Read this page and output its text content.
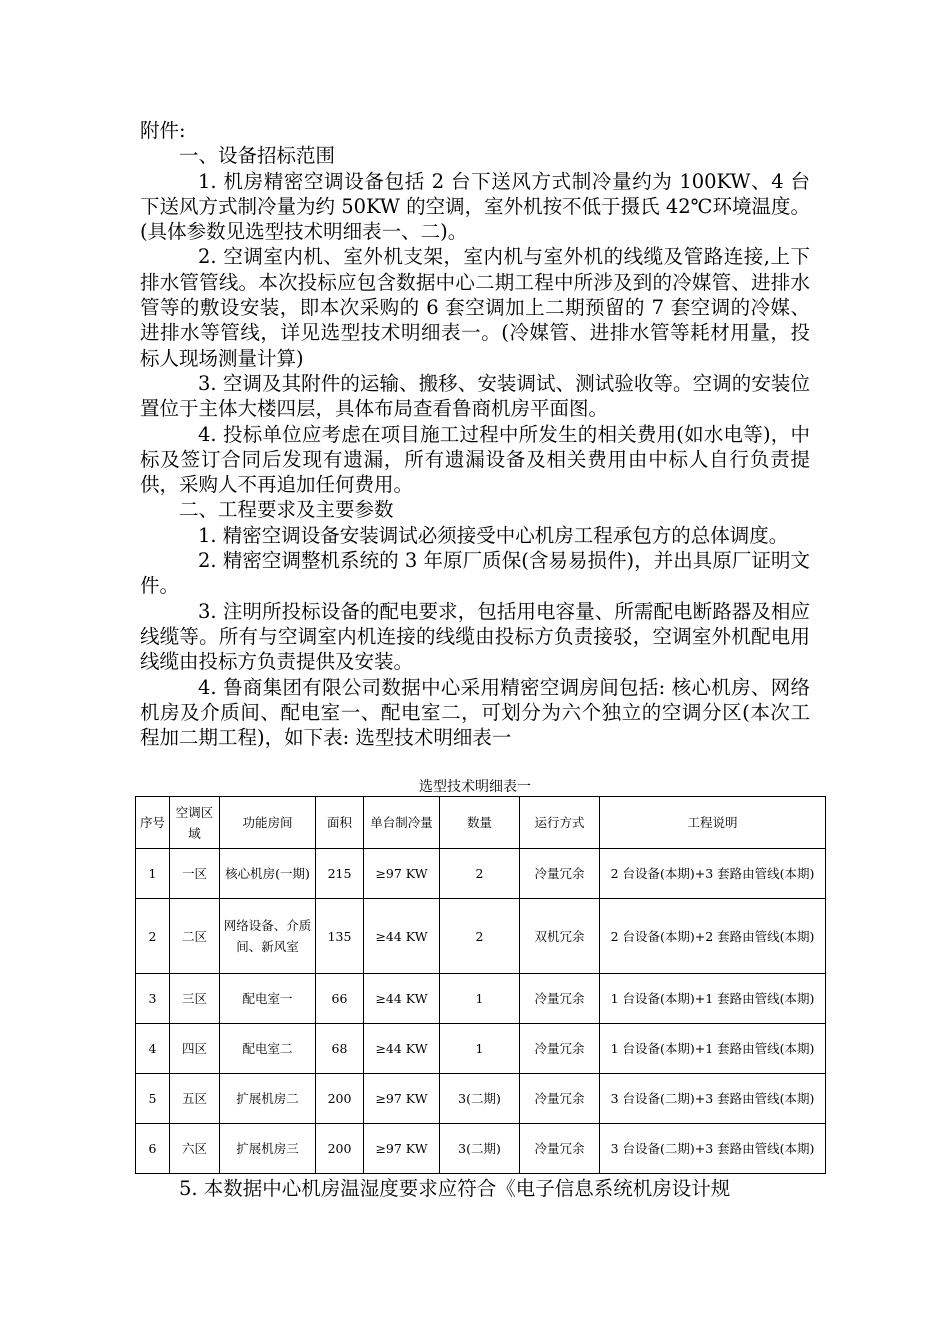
附件:

一、设备招标范围

1. 机房精密空调设备包括 2 台下送风方式制冷量约为 100KW、4 台下送风方式制冷量为约 50KW 的空调，室外机按不低于摄氏 42℃环境温度。(具体参数见选型技术明细表一、二)。

2. 空调室内机、室外机支架，室内机与室外机的线缆及管路连接,上下排水管管线。本次投标应包含数据中心二期工程中所涉及到的冷媒管、进排水管等的敷设安装，即本次采购的 6 套空调加上二期预留的 7 套空调的冷媒、进排水等管线，详见选型技术明细表一。(冷媒管、进排水管等耗材用量，投标人现场测量计算)

3. 空调及其附件的运输、搬移、安装调试、测试验收等。空调的安装位置位于主体大楼四层，具体布局查看鲁商机房平面图。

4. 投标单位应考虑在项目施工过程中所发生的相关费用(如水电等)，中标及签订合同后发现有遗漏，所有遗漏设备及相关费用由中标人自行负责提供，采购人不再追加任何费用。

二、工程要求及主要参数

1. 精密空调设备安装调试必须接受中心机房工程承包方的总体调度。

2. 精密空调整机系统的 3 年原厂质保(含易易损件)，并出具原厂证明文件。

3. 注明所投标设备的配电要求，包括用电容量、所需配电断路器及相应线缆等。所有与空调室内机连接的线缆由投标方负责接驳，空调室外机配电用线缆由投标方负责提供及安装。

4. 鲁商集团有限公司数据中心采用精密空调房间包括: 核心机房、网络机房及介质间、配电室一、配电室二，可划分为六个独立的空调分区(本次工程加二期工程)，如下表: 选型技术明细表一

选型技术明细表一
序号	空调区域	功能房间	面积	单台制冷量	数量	运行方式	工程说明
1	一区	核心机房(一期)	215	≥97 KW	2	冷量冗余	2 台设备(本期)+3 套路由管线(本期)
2	二区	网络设备、介质间、新风室	135	≥44 KW	2	双机冗余	2 台设备(本期)+2 套路由管线(本期)
3	三区	配电室一	66	≥44 KW	1	冷量冗余	1 台设备(本期)+1 套路由管线(本期)
4	四区	配电室二	68	≥44 KW	1	冷量冗余	1 台设备(本期)+1 套路由管线(本期)
5	五区	扩展机房二	200	≥97 KW	3(二期)	冷量冗余	3 台设备(二期)+3 套路由管线(本期)
6	六区	扩展机房三	200	≥97 KW	3(二期)	冷量冗余	3 台设备(二期)+3 套路由管线(本期)
5. 本数据中心机房温湿度要求应符合《电子信息系统机房设计规
